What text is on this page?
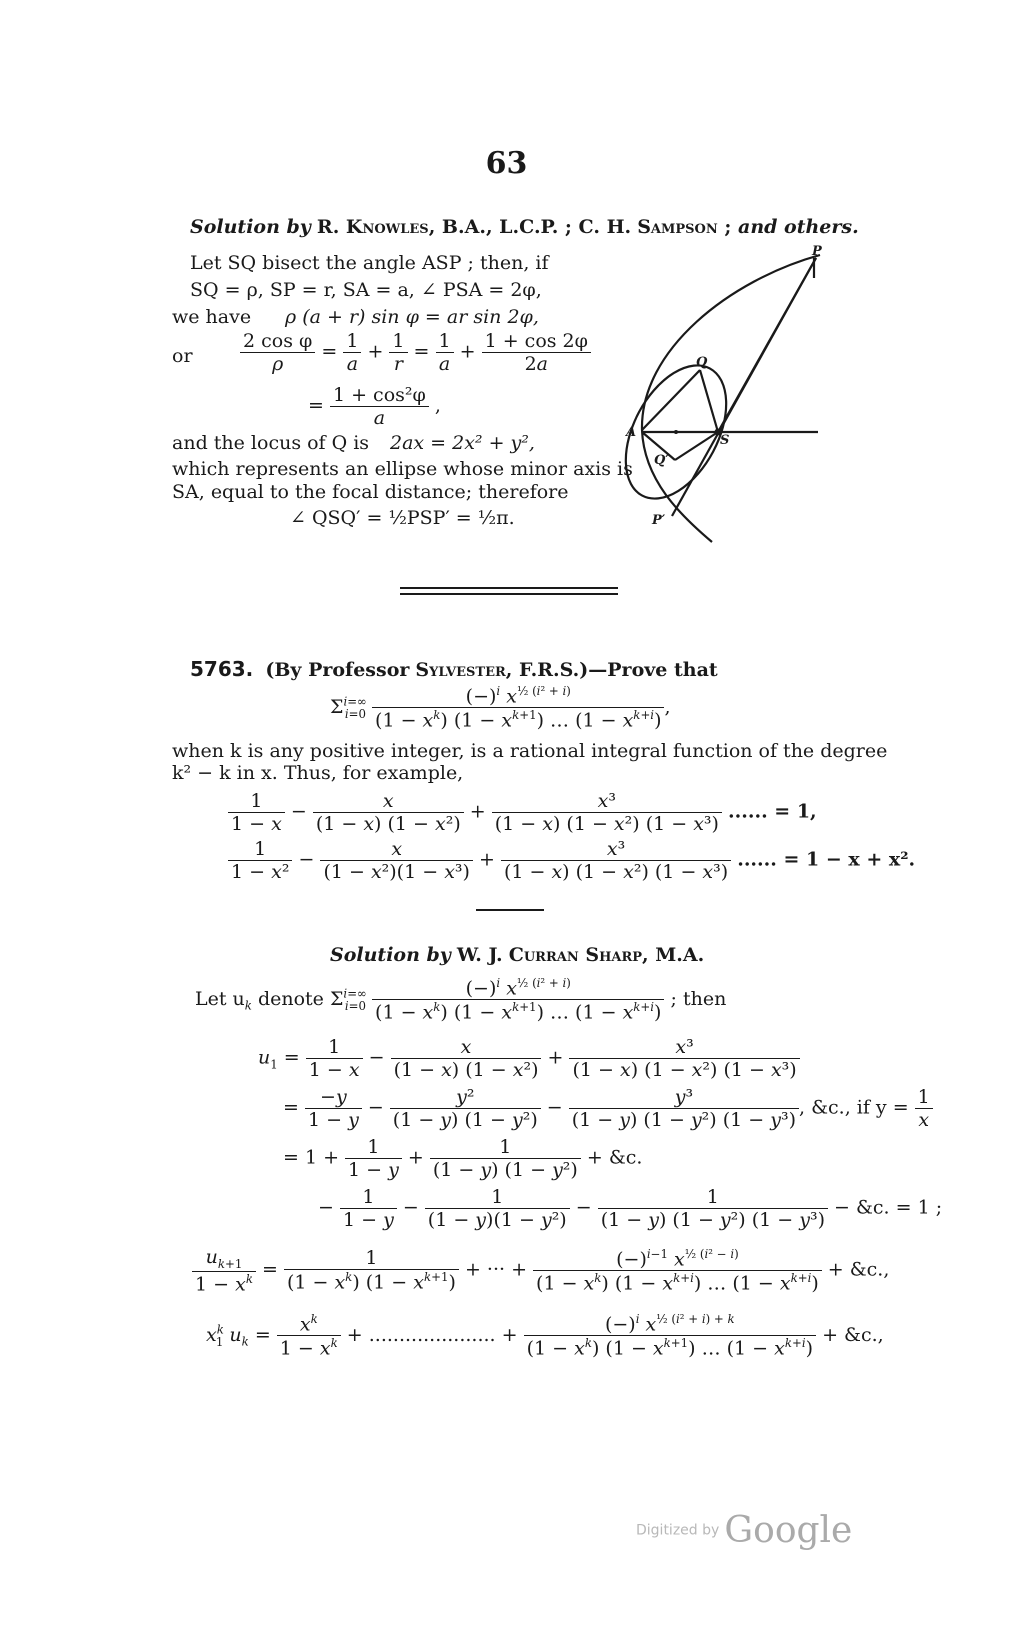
63
Solution by R. Knowles, B.A., L.C.P. ; C. H. Sampson ; and others.
Let SQ bisect the angle ASP ; then, if
SQ = ρ, SP = r, SA = a, ∠ PSA = 2φ,
we have ρ (a + r) sin φ = ar sin 2φ,
or $\frac{\text{2 cos φ}}{\rho} = \frac{1}{a} + \frac{1}{r} = \frac{1}{a} + \frac{1 + \cos 2\varphi}{2a}$
= $\frac{\text{1 + cos²φ}}{a}$ ,
and the locus of Q is 2ax = 2x² + y²,
which represents an ellipse whose minor axis is
SA, equal to the focal distance; therefore
∠ QSQ′ = ½PSP′ = ½π.
P
Q
A
S
Q′
P′
5763. (By Professor Sylvester, F.R.S.)—Prove that
$\Sigma^{i=\infty}_{i=0} \frac{(-)^i x^{\frac{1}{2} (i^2 + i)}}{(1 - x^k) (1 - x^{k+1}) \dots (1 - x^{k+i})}$ ,
when k is any positive integer, is a rational integral function of the degree
k² − k in x. Thus, for example,
$\frac{1}{1 - x} - \frac{x}{\text{(1 − x) (1 − x²)}} + \frac{\text{x³}}{\text{(1 − x) (1 − x²) (1 − x³)}}$ ...... = 1,
$\frac{1}{\text{1 − x²}} - \frac{x}{\text{(1 − x²)(1 − x³)}} + \frac{\text{x³}}{\text{(1 − x) (1 − x²) (1 − x³)}}$ ...... = 1 − x + x².
Solution by W. J. Curran Sharp, M.A.
Let $u_k$ denote $\Sigma^{i=\infty}_{i=0} \frac{(-)^i x^{\frac{1}{2} (i^2 + i)}}{(1 - x^k) (1 - x^{k+1}) \dots (1 - x^{k+i})}$ ; then
$u_1 = \frac{1}{1 - x} - \frac{x}{\text{(1 − x) (1 − x²)}} + \frac{\text{x³}}{\text{(1 − x) (1 − x²) (1 − x³)}}$
= $\frac{-y}{1 - y} - \frac{\text{y²}}{\text{(1 − y) (1 − y²)}} - \frac{\text{y³}}{\text{(1 − y) (1 − y²) (1 − y³)}}$ , &c., if $y = \frac{1}{x}$
= $1 + \frac{1}{1 - y} + \frac{1}{\text{(1 − y) (1 − y²)}}$ + &c.
− $\frac{1}{1 - y} - \frac{1}{\text{(1 − y)(1 − y²)}} - \frac{1}{\text{(1 − y) (1 − y²) (1 − y³)}}$ − &c. = 1 ;
$\frac{u_{k+1}}{1 - x^k} = \frac{1}{(1 - x^k) (1 - x^{k+1})}$ + ··· + $\frac{(-)^{i-1} x^{\frac{1}{2} (i^2 - i)}}{(1 - x^k) (1 - x^{k+i}) \dots (1 - x^{k+i})}$ + &c.,
$x^k_1$ $u_k = \frac{x^k}{1 - x^k}$ + ..................... + $\frac{(-)^i x^{\frac{1}{2} (i^2 + i) + k}}{(1 - x^k) (1 - x^{k+1}) \dots (1 - x^{k+i})}$ + &c.,
Digitized by Google
